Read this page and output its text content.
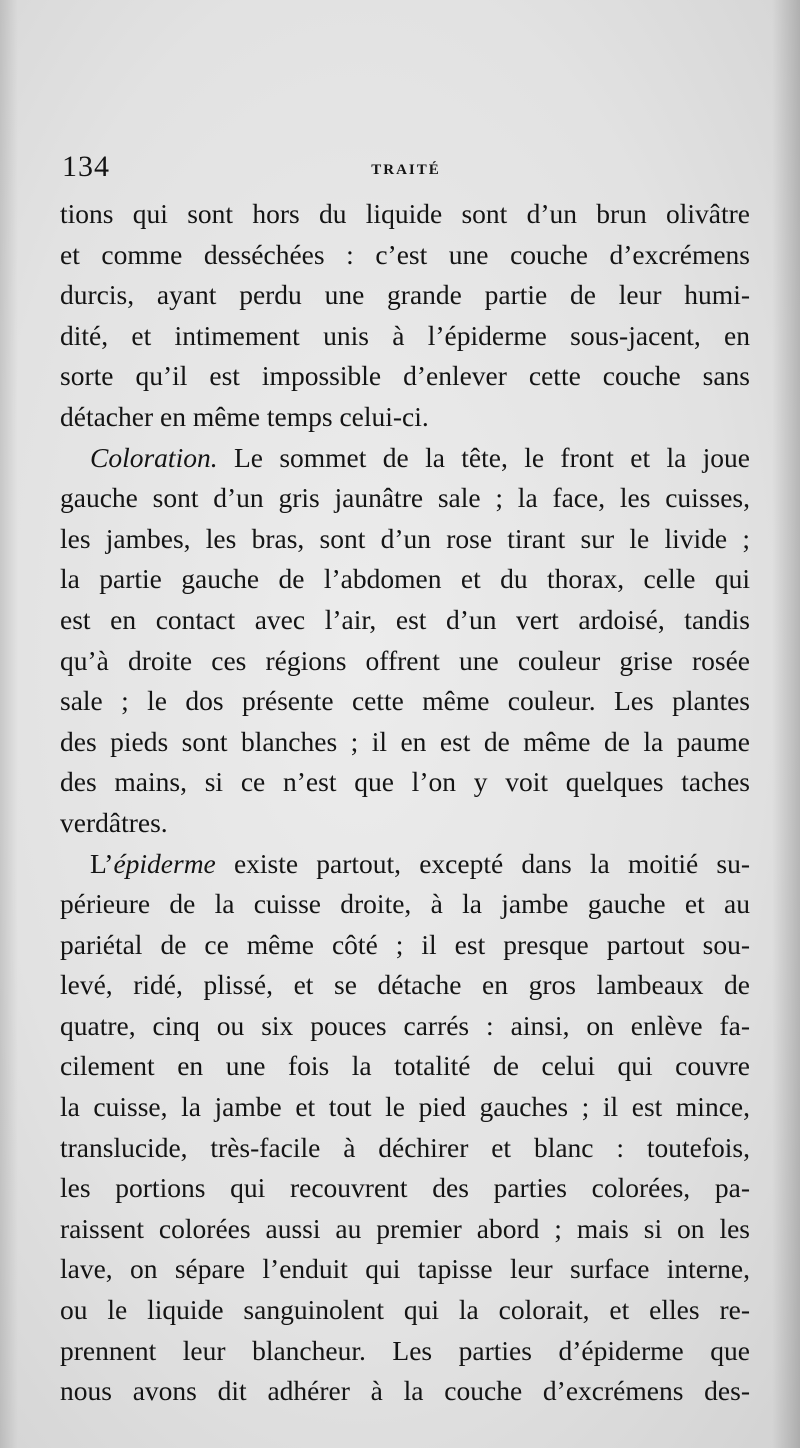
134	TRAITÉ
tions qui sont hors du liquide sont d’un brun olivâtre
et comme desséchées : c’est une couche d’excrémens
durcis, ayant perdu une grande partie de leur humi-
dité, et intimement unis à l’épiderme sous-jacent, en
sorte qu’il est impossible d’enlever cette couche sans
détacher en même temps celui-ci.
Coloration. Le sommet de la tête, le front et la joue
gauche sont d’un gris jaunâtre sale ; la face, les cuisses,
les jambes, les bras, sont d’un rose tirant sur le livide ;
la partie gauche de l’abdomen et du thorax, celle qui
est en contact avec l’air, est d’un vert ardoisé, tandis
qu’à droite ces régions offrent une couleur grise rosée
sale ; le dos présente cette même couleur. Les plantes
des pieds sont blanches ; il en est de même de la paume
des mains, si ce n’est que l’on y voit quelques taches
verdâtres.
L’épiderme existe partout, excepté dans la moitié su-
périeure de la cuisse droite, à la jambe gauche et au
pariétal de ce même côté ; il est presque partout sou-
levé, ridé, plissé, et se détache en gros lambeaux de
quatre, cinq ou six pouces carrés : ainsi, on enlève fa-
cilement en une fois la totalité de celui qui couvre
la cuisse, la jambe et tout le pied gauches ; il est mince,
translucide, très-facile à déchirer et blanc : toutefois,
les portions qui recouvrent des parties colorées, pa-
raissent colorées aussi au premier abord ; mais si on les
lave, on sépare l’enduit qui tapisse leur surface interne,
ou le liquide sanguinolent qui la colorait, et elles re-
prennent leur blancheur. Les parties d’épiderme que
nous avons dit adhérer à la couche d’excrémens des-
